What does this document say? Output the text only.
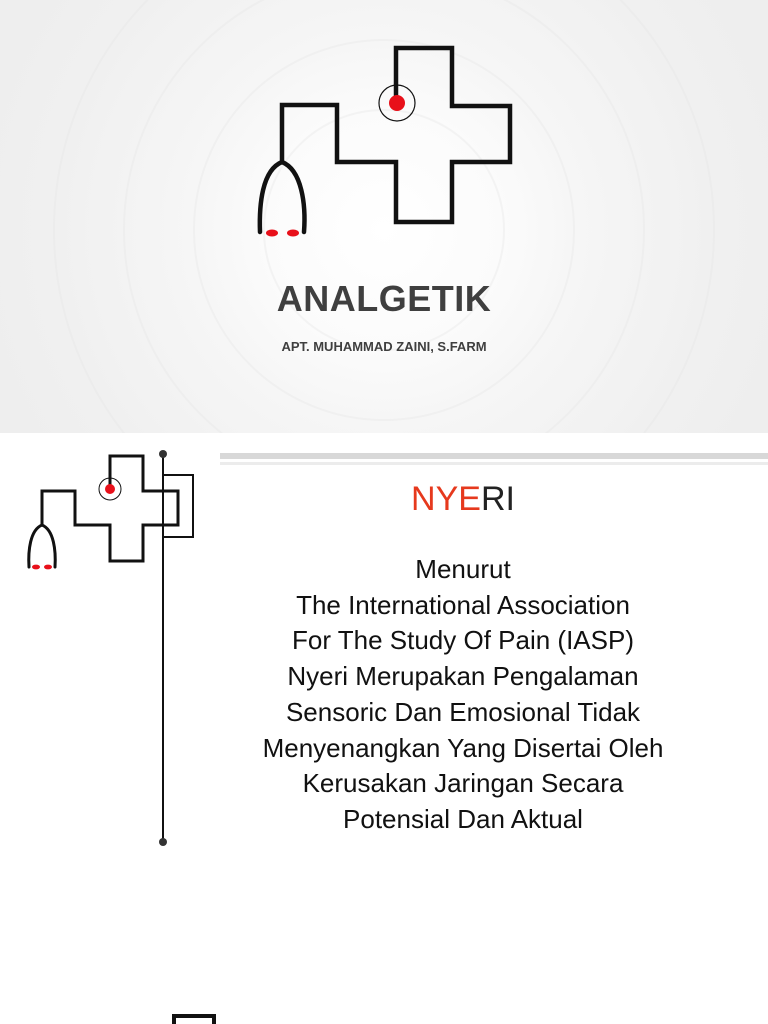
ANALGETIK
APT. MUHAMMAD ZAINI, S.FARM
NYERI
Menurut
The International Association
For The Study Of Pain (IASP)
Nyeri Merupakan Pengalaman
Sensoric Dan Emosional Tidak
Menyenangkan Yang Disertai Oleh
Kerusakan Jaringan Secara
Potensial Dan Aktual
